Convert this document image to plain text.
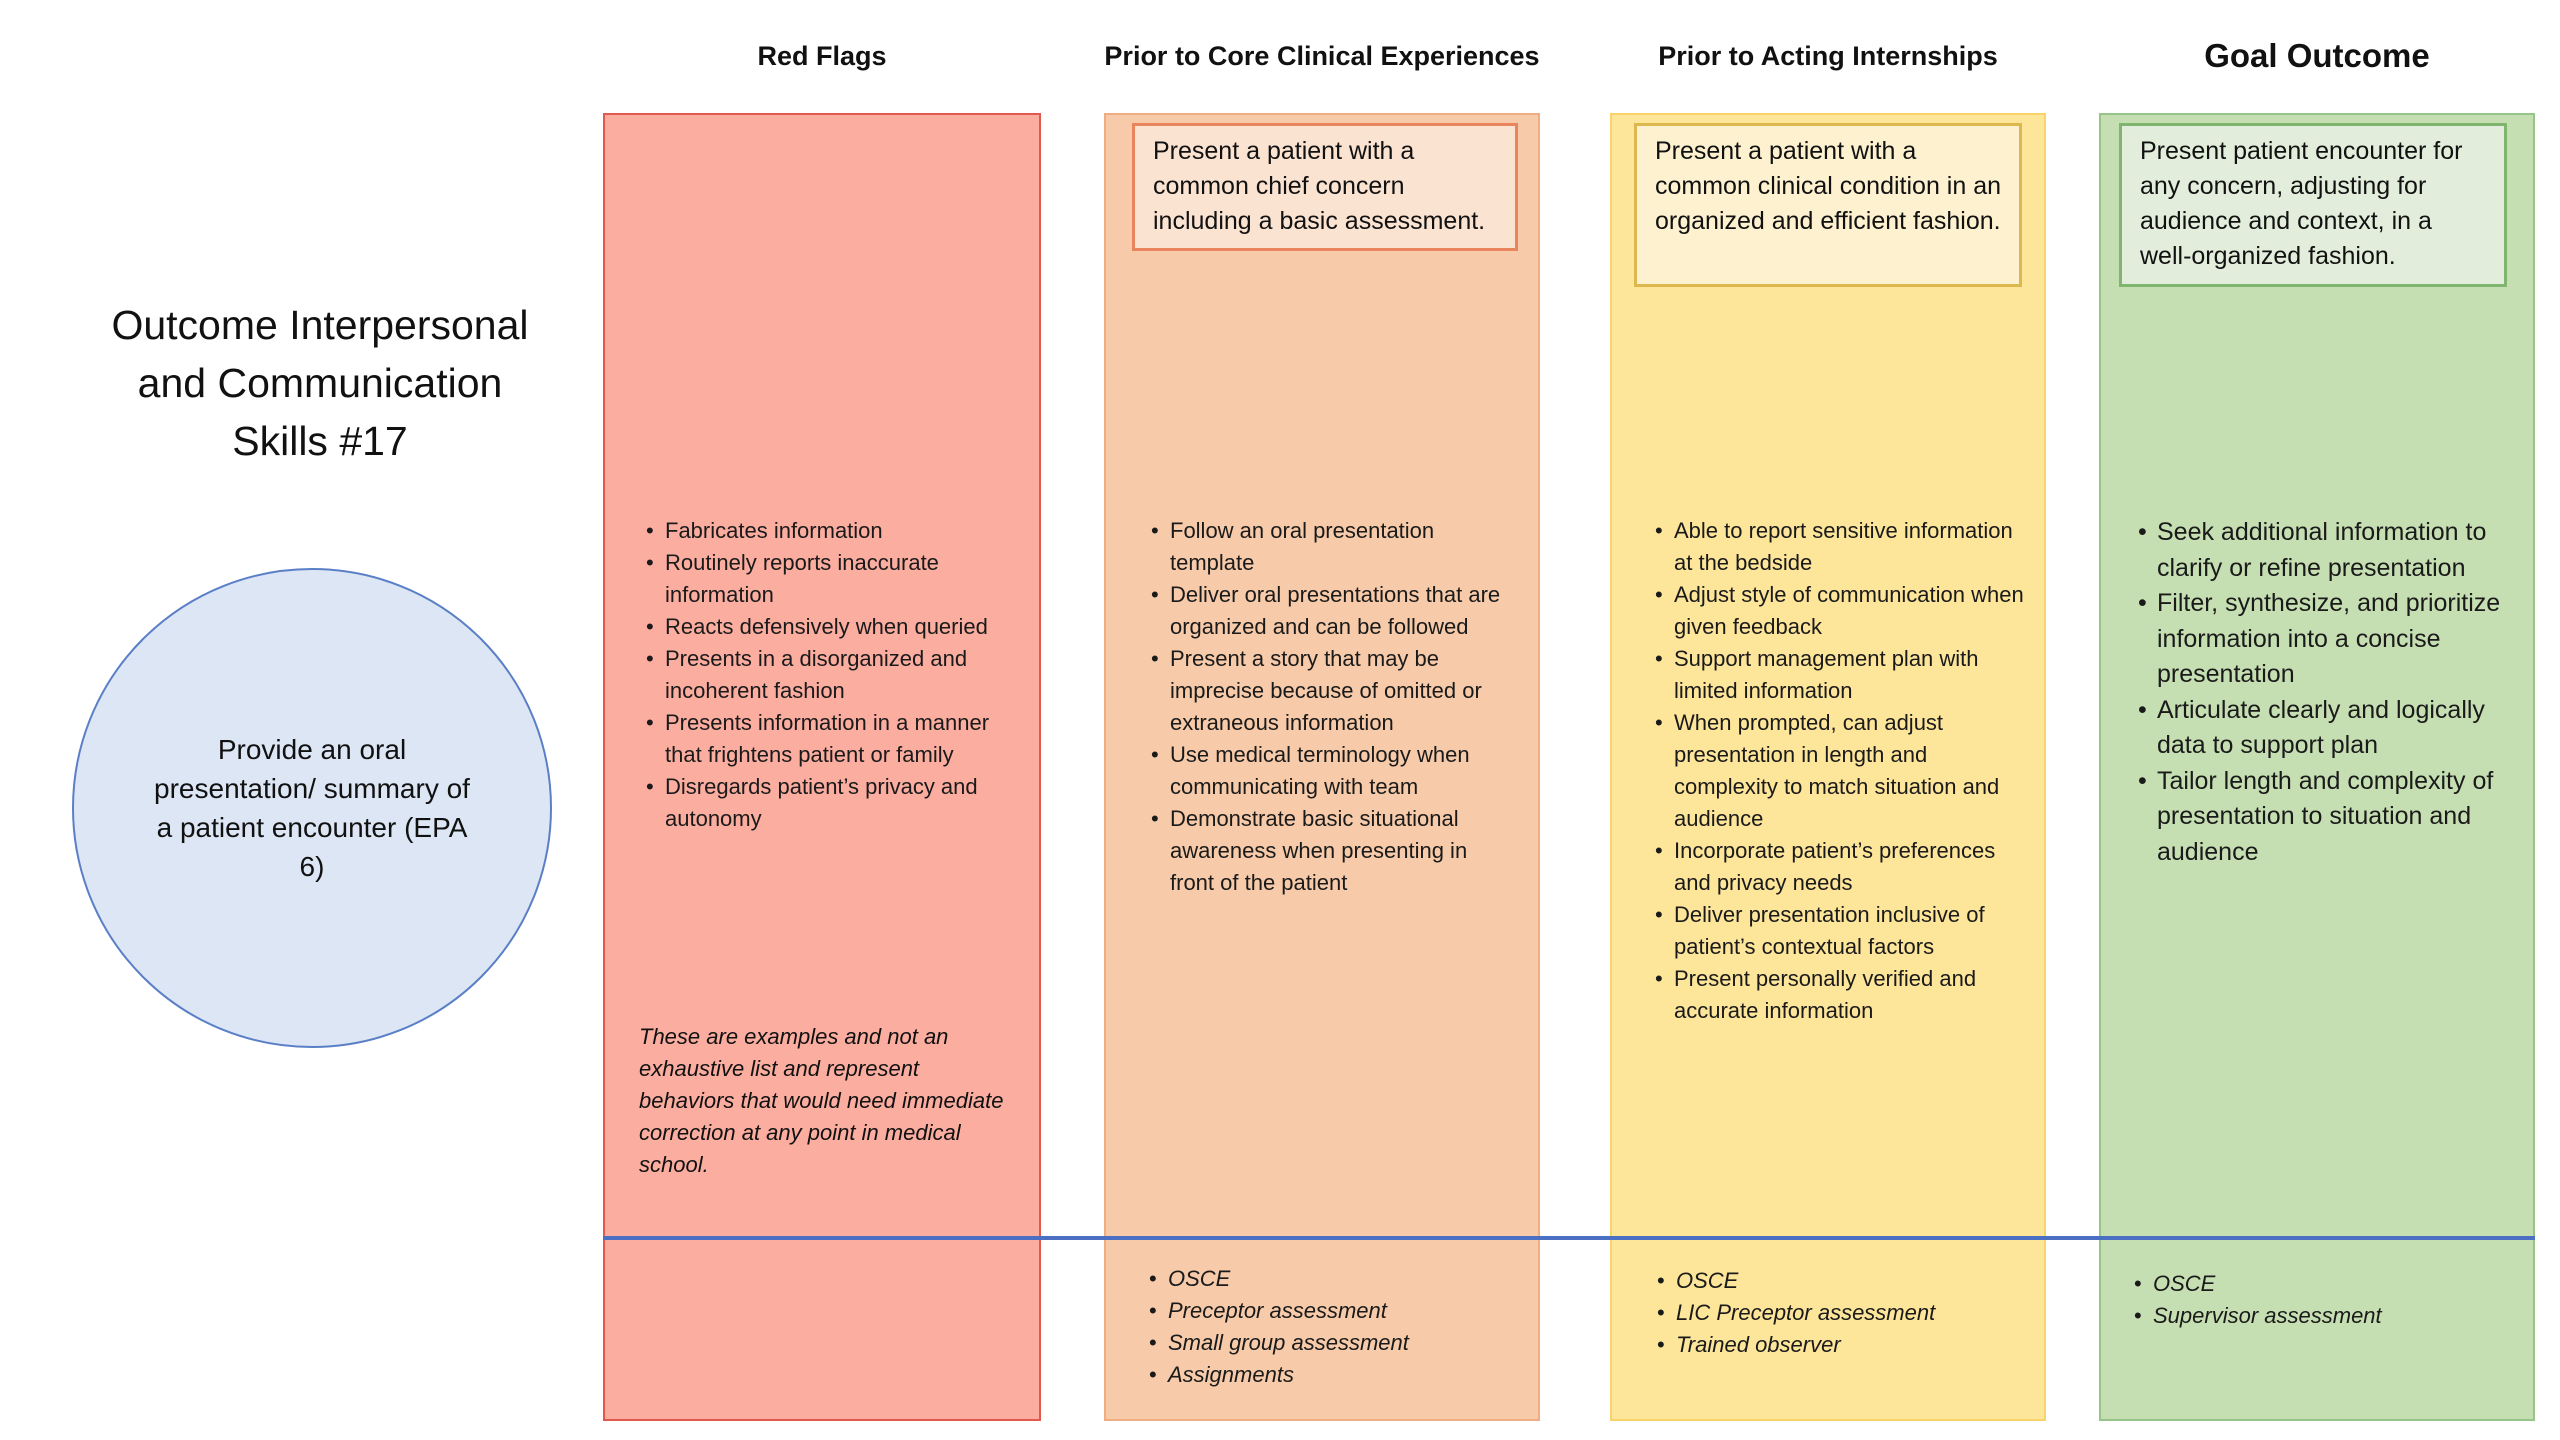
Red Flags	Prior to Core Clinical Experiences	Prior to Acting Internships	Goal Outcome
Outcome Interpersonal and Communication Skills #17
Provide an oral presentation/ summary of a patient encounter (EPA 6)
• Fabricates information
• Routinely reports inaccurate information
• Reacts defensively when queried
• Presents in a disorganized and incoherent fashion
• Presents information in a manner that frightens patient or family
• Disregards patient’s privacy and autonomy
These are examples and not an exhaustive list and represent behaviors that would need immediate correction at any point in medical school.
Present a patient with a common chief concern including a basic assessment.
• Follow an oral presentation template
• Deliver oral presentations that are organized and can be followed
• Present a story that may be imprecise because of omitted or extraneous information
• Use medical terminology when communicating with team
• Demonstrate basic situational awareness when presenting in front of the patient
• OSCE
• Preceptor assessment
• Small group assessment
• Assignments
Present a patient with a common clinical condition in an organized and efficient fashion.
• Able to report sensitive information at the bedside
• Adjust style of communication when given feedback
• Support management plan with limited information
• When prompted, can adjust presentation in length and complexity to match situation and audience
• Incorporate patient’s preferences and privacy needs
• Deliver presentation inclusive of patient’s contextual factors
• Present personally verified and accurate information
• OSCE
• LIC Preceptor assessment
• Trained observer
Present patient encounter for any concern, adjusting for audience and context, in a well-organized fashion.
• Seek additional information to clarify or refine presentation
• Filter, synthesize, and prioritize information into a concise presentation
• Articulate clearly and logically data to support plan
• Tailor length and complexity of presentation to situation and audience
• OSCE
• Supervisor assessment
